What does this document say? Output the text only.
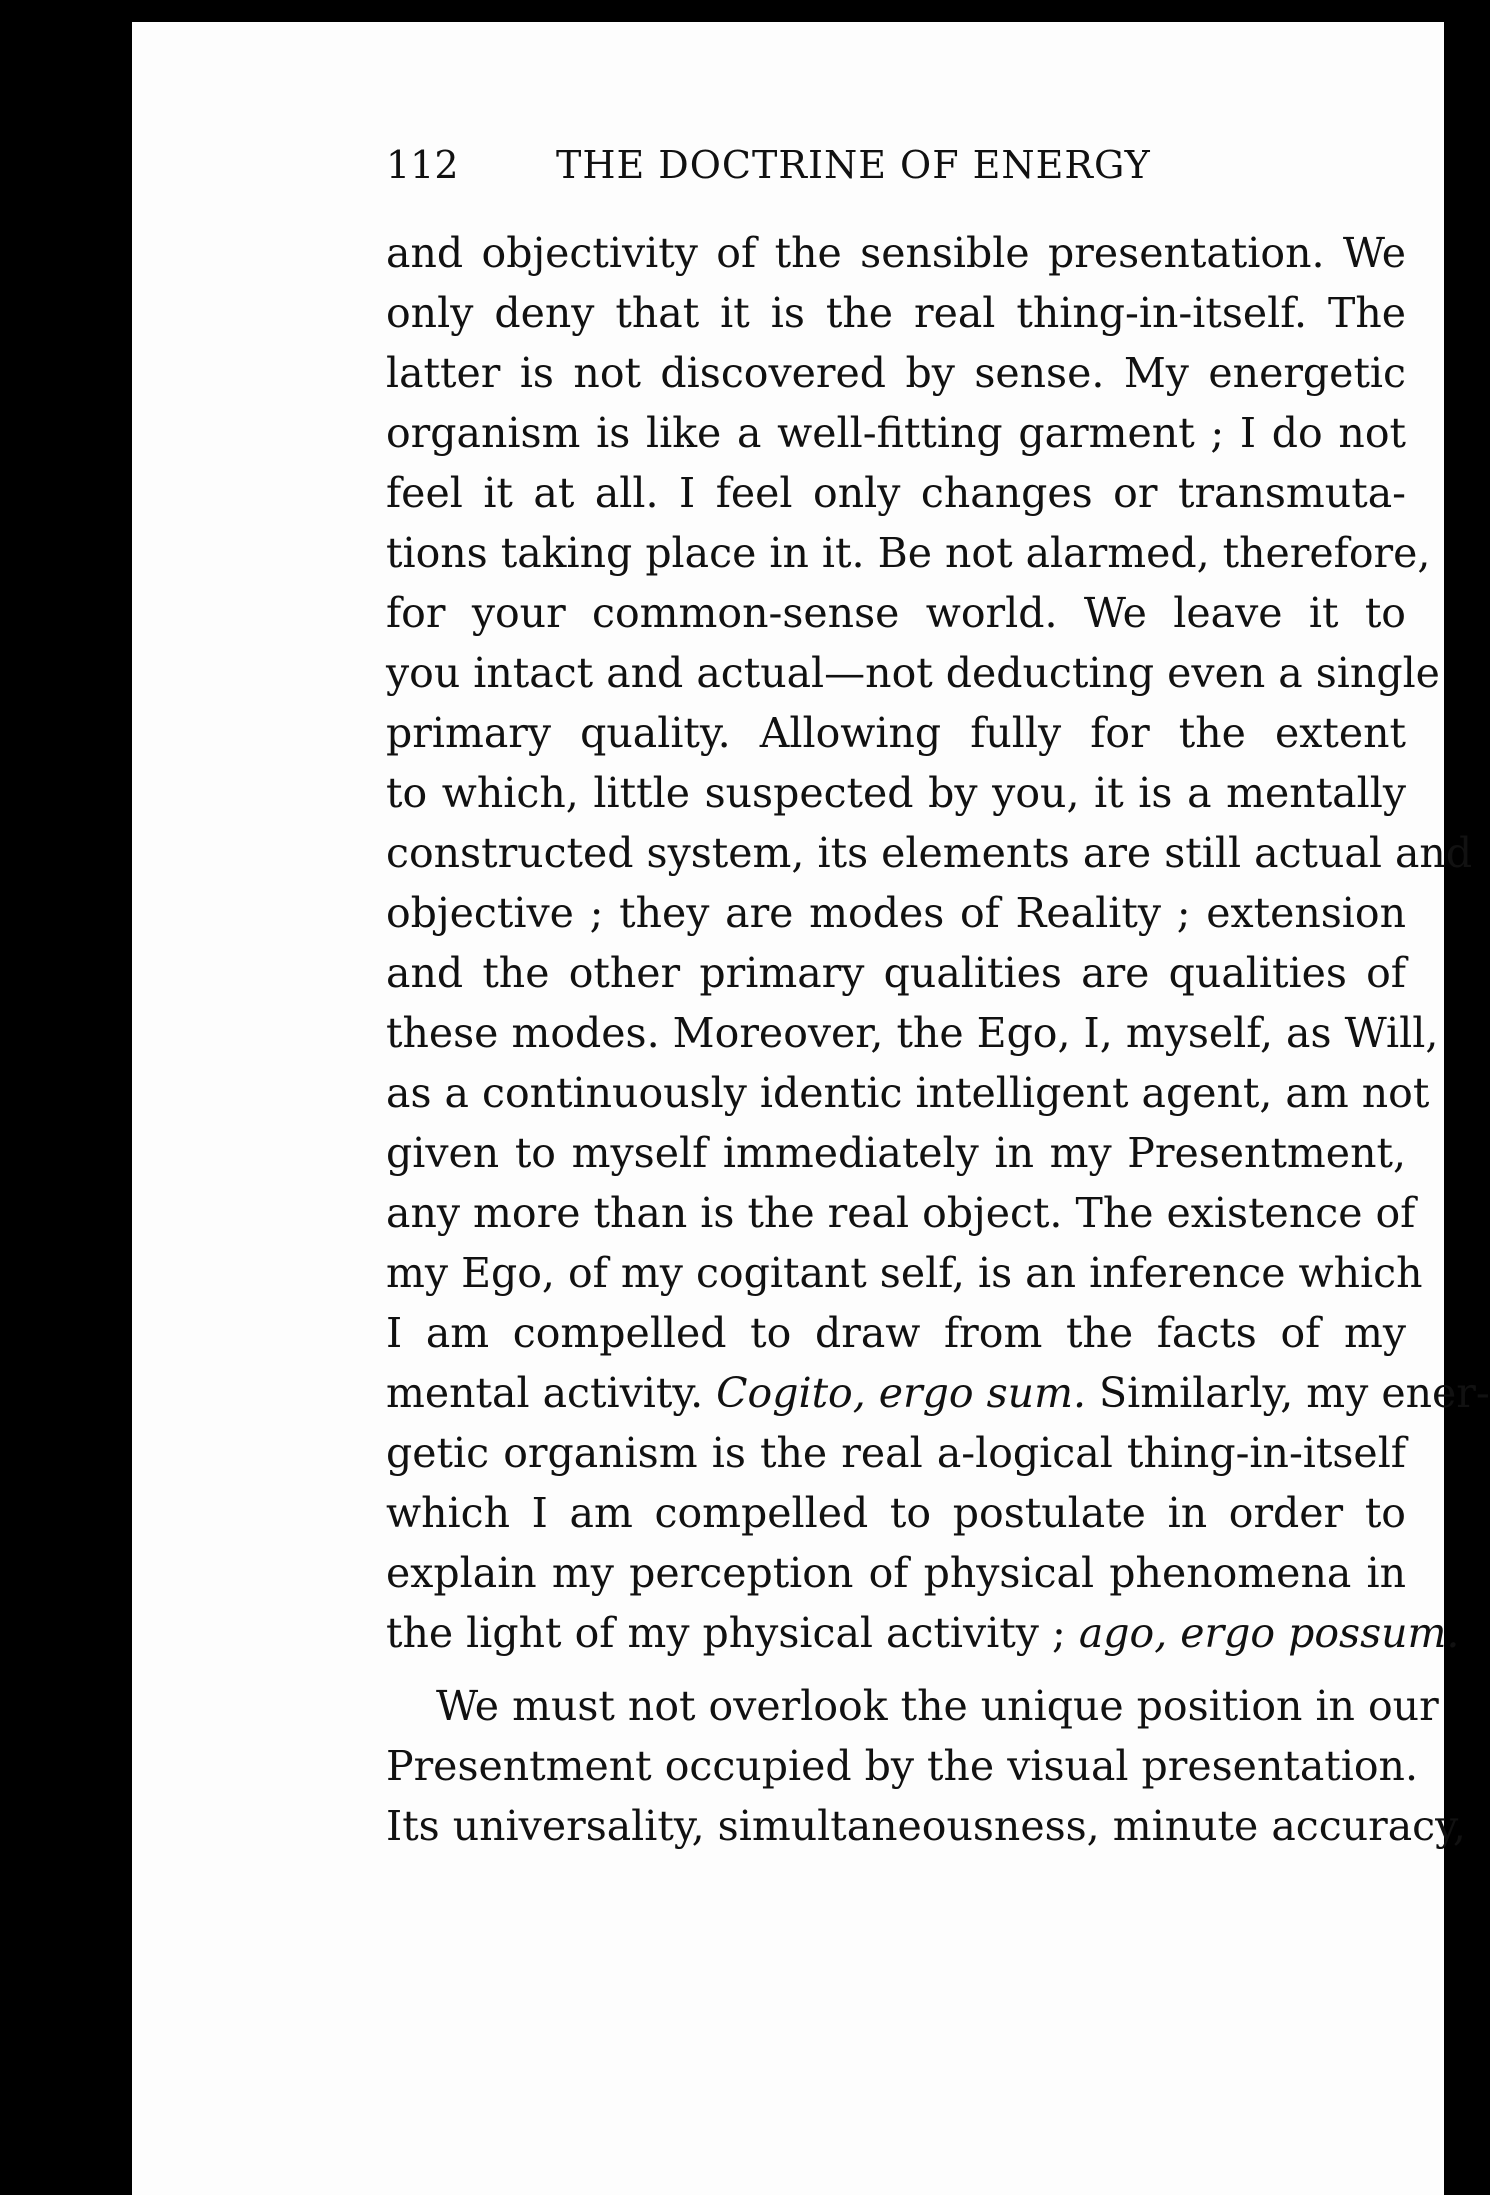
112	THE DOCTRINE OF ENERGY
and objectivity of the sensible presentation. We
only deny that it is the real thing-in-itself. The
latter is not discovered by sense. My energetic
organism is like a well-fitting garment ; I do not
feel it at all. I feel only changes or transmuta-
tions taking place in it. Be not alarmed, therefore,
for your common-sense world. We leave it to
you intact and actual—not deducting even a single
primary quality. Allowing fully for the extent
to which, little suspected by you, it is a mentally
constructed system, its elements are still actual and
objective ; they are modes of Reality ; extension
and the other primary qualities are qualities of
these modes. Moreover, the Ego, I, myself, as Will,
as a continuously identic intelligent agent, am not
given to myself immediately in my Presentment,
any more than is the real object. The existence of
my Ego, of my cogitant self, is an inference which
I am compelled to draw from the facts of my
mental activity. Cogito, ergo sum. Similarly, my ener-
getic organism is the real a-logical thing-in-itself
which I am compelled to postulate in order to
explain my perception of physical phenomena in
the light of my physical activity ; ago, ergo possum.
We must not overlook the unique position in our
Presentment occupied by the visual presentation.
Its universality, simultaneousness, minute accuracy,
